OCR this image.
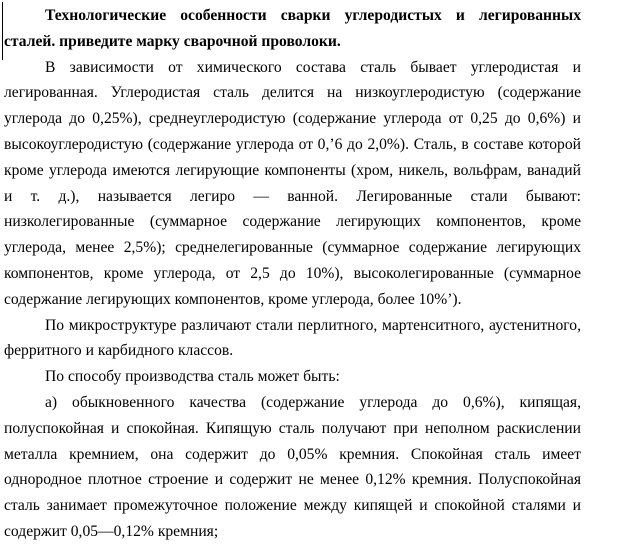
Технологические особенности сварки углеродистых и легированных сталей. приведите марку сварочной проволоки.

В зависимости от химического состава сталь бывает углеродистая и легированная. Углеродистая сталь делится на низкоуглеродистую (содержание углерода до 0,25%), среднеуглеродистую (содержание углерода от 0,25 до 0,6%) и высокоуглеродистую (содержание углерода от 0,’6 до 2,0%). Сталь, в составе которой кроме углерода имеются легирующие компоненты (хром, никель, вольфрам, ванадий и т. д.), называется легиро — ванной. Легированные стали бывают: низколегированные (суммарное содержание легирующих компонентов, кроме углерода, менее 2,5%); среднелегированные (суммарное содержание легирующих компонентов, кроме углерода, от 2,5 до 10%), высоколегированные (суммарное содержание легирующих компонентов, кроме углерода, более 10%’).

По микроструктуре различают стали перлитного, мартенситного, аустенитного, ферритного и карбидного классов.

По способу производства сталь может быть:

а) обыкновенного качества (содержание углерода до 0,6%), кипящая, полуспокойная и спокойная. Кипящую сталь получают при неполном раскислении металла кремнием, она содержит до 0,05% кремния. Спокойная сталь имеет однородное плотное строение и содержит не менее 0,12% кремния. Полуспокойная сталь занимает промежуточное положение между кипящей и спокойной сталями и содержит 0,05—0,12% кремния;
